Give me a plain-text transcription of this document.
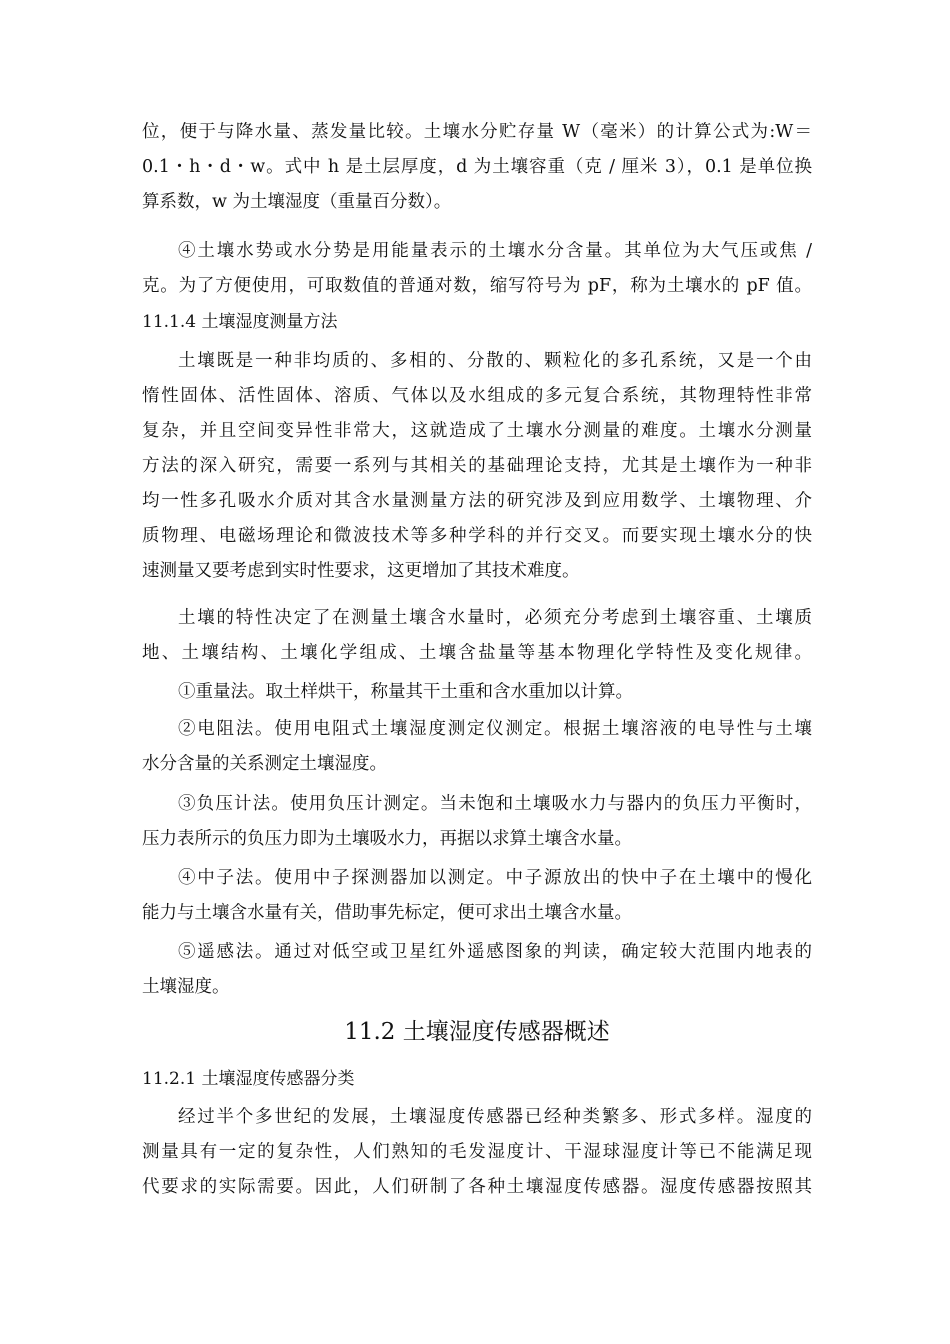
位，便于与降水量、蒸发量比较。土壤水分贮存量 W（毫米）的计算公式为:W＝
0.1・h・d・w。式中 h 是土层厚度，d 为土壤容重（克 / 厘米 3），0.1 是单位换
算系数，w 为土壤湿度（重量百分数）。
④土壤水势或水分势是用能量表示的土壤水分含量。其单位为大气压或焦 /
克。为了方便使用，可取数值的普通对数，缩写符号为 pF，称为土壤水的 pF 值。
11.1.4 土壤湿度测量方法
土壤既是一种非均质的、多相的、分散的、颗粒化的多孔系统，又是一个由
惰性固体、活性固体、溶质、气体以及水组成的多元复合系统，其物理特性非常
复杂，并且空间变异性非常大，这就造成了土壤水分测量的难度。土壤水分测量
方法的深入研究，需要一系列与其相关的基础理论支持，尤其是土壤作为一种非
均一性多孔吸水介质对其含水量测量方法的研究涉及到应用数学、土壤物理、介
质物理、电磁场理论和微波技术等多种学科的并行交叉。而要实现土壤水分的快
速测量又要考虑到实时性要求，这更增加了其技术难度。
土壤的特性决定了在测量土壤含水量时，必须充分考虑到土壤容重、土壤质
地、土壤结构、土壤化学组成、土壤含盐量等基本物理化学特性及变化规律。
①重量法。取土样烘干，称量其干土重和含水重加以计算。
②电阻法。使用电阻式土壤湿度测定仪测定。根据土壤溶液的电导性与土壤
水分含量的关系测定土壤湿度。
③负压计法。使用负压计测定。当未饱和土壤吸水力与器内的负压力平衡时，
压力表所示的负压力即为土壤吸水力，再据以求算土壤含水量。
④中子法。使用中子探测器加以测定。中子源放出的快中子在土壤中的慢化
能力与土壤含水量有关，借助事先标定，便可求出土壤含水量。
⑤遥感法。通过对低空或卫星红外遥感图象的判读，确定较大范围内地表的
土壤湿度。
11.2 土壤湿度传感器概述
11.2.1 土壤湿度传感器分类
经过半个多世纪的发展，土壤湿度传感器已经种类繁多、形式多样。湿度的
测量具有一定的复杂性，人们熟知的毛发湿度计、干湿球湿度计等已不能满足现
代要求的实际需要。因此，人们研制了各种土壤湿度传感器。湿度传感器按照其
